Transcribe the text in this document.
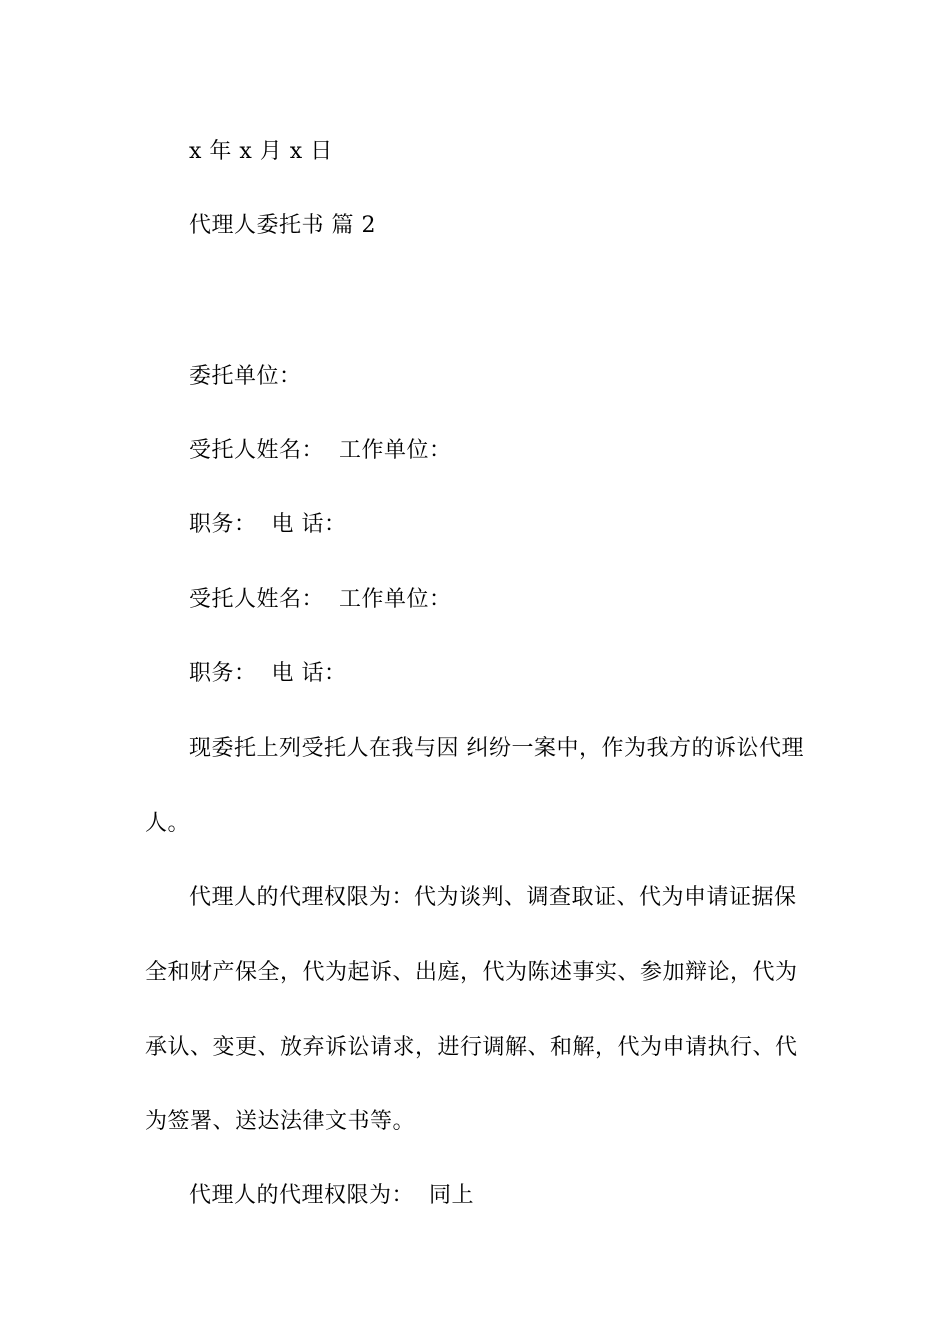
x 年 x 月 x 日
代理人委托书 篇 2
委托单位：
受托人姓名：  工作单位：
职务：  电 话：
受托人姓名：  工作单位：
职务：  电 话：
现委托上列受托人在我与因 纠纷一案中，作为我方的诉讼代理
人。
代理人的代理权限为：代为谈判、调查取证、代为申请证据保
全和财产保全，代为起诉、出庭，代为陈述事实、参加辩论，代为
承认、变更、放弃诉讼请求，进行调解、和解，代为申请执行、代
为签署、送达法律文书等。
代理人的代理权限为：  同上
